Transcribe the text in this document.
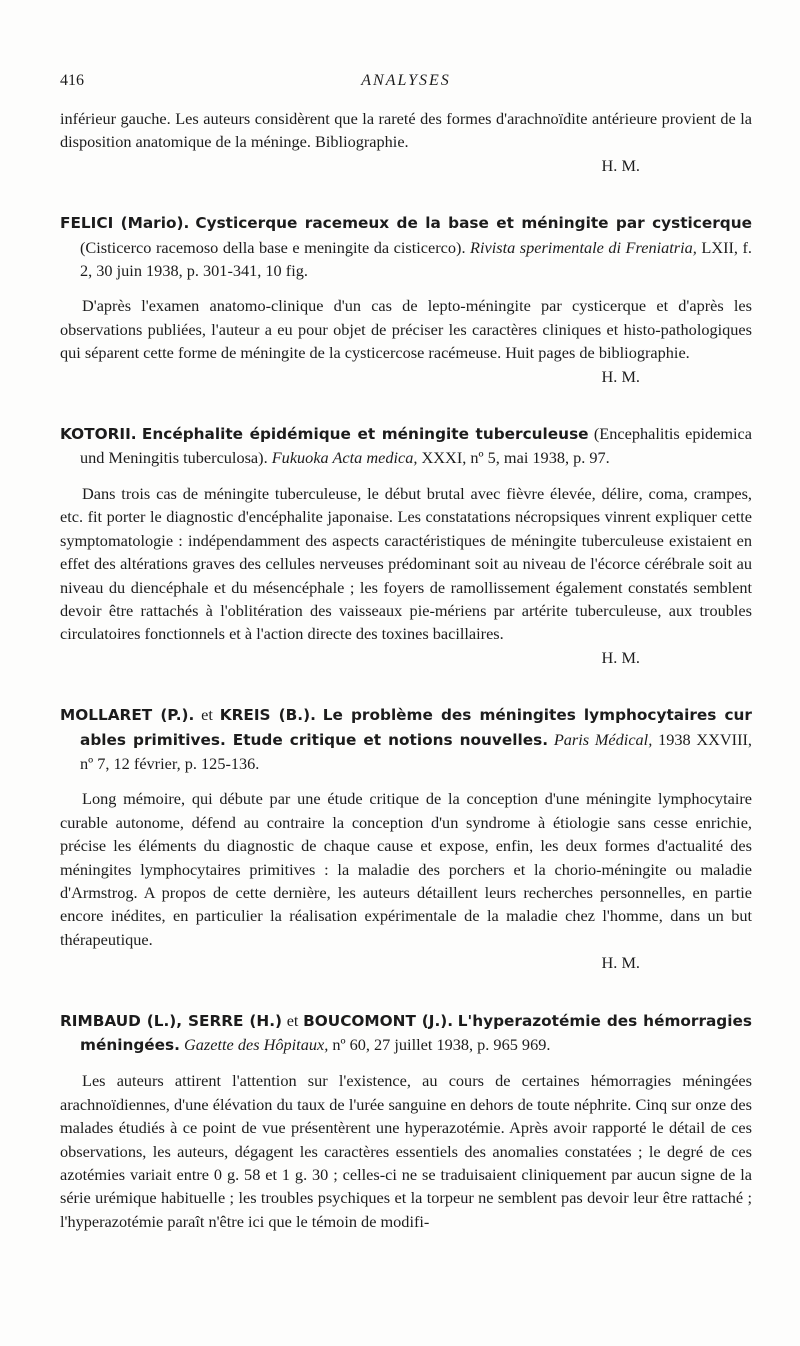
416	ANALYSES

inférieur gauche. Les auteurs considèrent que la rareté des formes d'arachnoïdite antérieure provient de la disposition anatomique de la méninge. Bibliographie.

H. M.

FELICI (Mario). Cysticerque racemeux de la base et méningite par cysticerque (Cisticerco racemoso della base e meningite da cisticerco). Rivista sperimentale di Freniatria, LXII, f. 2, 30 juin 1938, p. 301-341, 10 fig.

D'après l'examen anatomo-clinique d'un cas de lepto-méningite par cysticerque et d'après les observations publiées, l'auteur a eu pour objet de préciser les caractères cliniques et histo-pathologiques qui séparent cette forme de méningite de la cysticercose racémeuse. Huit pages de bibliographie.

H. M.

KOTORII. Encéphalite épidémique et méningite tuberculeuse (Encephalitis epidemica und Meningitis tuberculosa). Fukuoka Acta medica, XXXI, nº 5, mai 1938, p. 97.

Dans trois cas de méningite tuberculeuse, le début brutal avec fièvre élevée, délire, coma, crampes, etc. fit porter le diagnostic d'encéphalite japonaise. Les constatations nécropsiques vinrent expliquer cette symptomatologie : indépendamment des aspects caractéristiques de méningite tuberculeuse existaient en effet des altérations graves des cellules nerveuses prédominant soit au niveau de l'écorce cérébrale soit au niveau du diencéphale et du mésencéphale ; les foyers de ramollissement également constatés semblent devoir être rattachés à l'oblitération des vaisseaux pie-mériens par artérite tuberculeuse, aux troubles circulatoires fonctionnels et à l'action directe des toxines bacillaires.

H. M.

MOLLARET (P.). et KREIS (B.). Le problème des méningites lymphocytaires cur ables primitives. Etude critique et notions nouvelles. Paris Médical, 1938 XXVIII, nº 7, 12 février, p. 125-136.

Long mémoire, qui débute par une étude critique de la conception d'une méningite lymphocytaire curable autonome, défend au contraire la conception d'un syndrome à étiologie sans cesse enrichie, précise les éléments du diagnostic de chaque cause et expose, enfin, les deux formes d'actualité des méningites lymphocytaires primitives : la maladie des porchers et la chorio-méningite ou maladie d'Armstrog. A propos de cette dernière, les auteurs détaillent leurs recherches personnelles, en partie encore inédites, en particulier la réalisation expérimentale de la maladie chez l'homme, dans un but thérapeutique.

H. M.

RIMBAUD (L.), SERRE (H.) et BOUCOMONT (J.). L'hyperazotémie des hémorragies méningées. Gazette des Hôpitaux, nº 60, 27 juillet 1938, p. 965 969.

Les auteurs attirent l'attention sur l'existence, au cours de certaines hémorragies méningées arachnoïdiennes, d'une élévation du taux de l'urée sanguine en dehors de toute néphrite. Cinq sur onze des malades étudiés à ce point de vue présentèrent une hyperazotémie. Après avoir rapporté le détail de ces observations, les auteurs, dégagent les caractères essentiels des anomalies constatées ; le degré de ces azotémies variait entre 0 g. 58 et 1 g. 30 ; celles-ci ne se traduisaient cliniquement par aucun signe de la série urémique habituelle ; les troubles psychiques et la torpeur ne semblent pas devoir leur être rattaché ; l'hyperazotémie paraît n'être ici que le témoin de modifi-
